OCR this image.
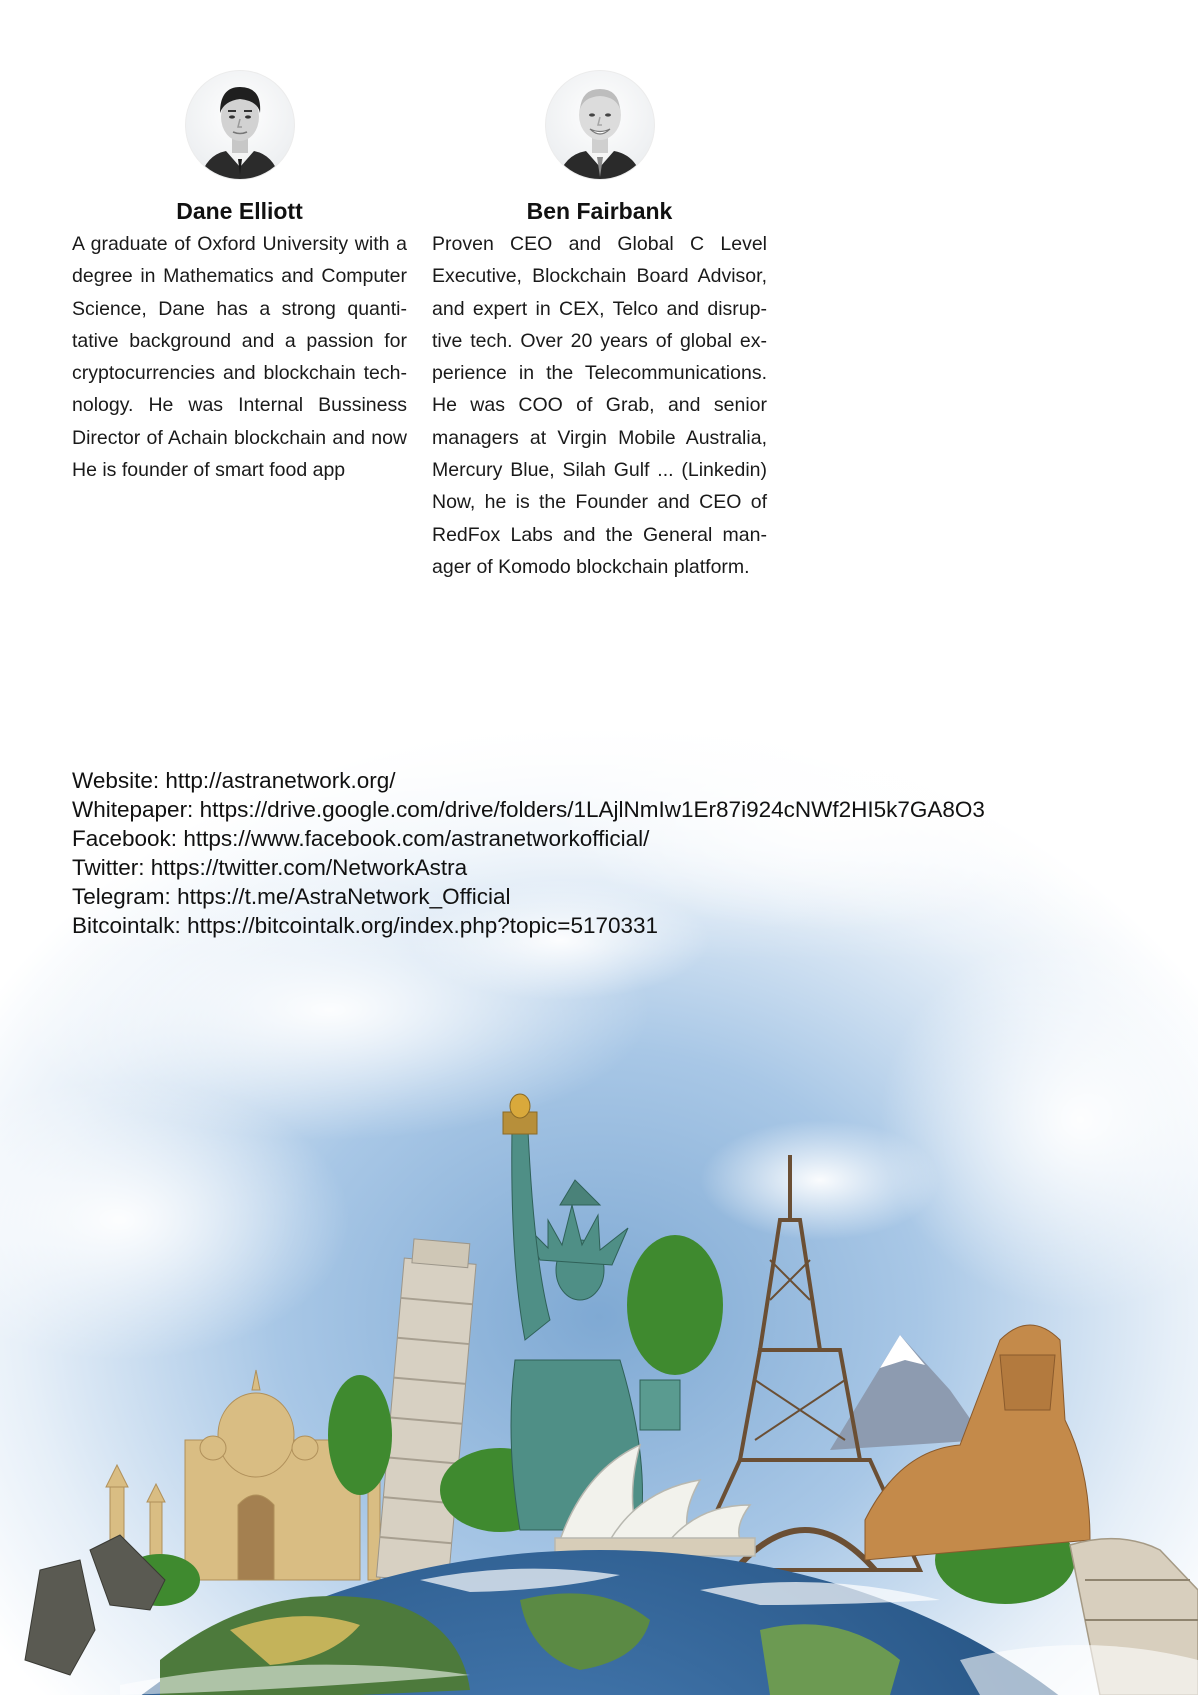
Dane Elliott
A graduate of Oxford University with a degree in Mathematics and Computer Science, Dane has a strong quanti-tative background and a passion for cryptocurrencies and blockchain tech-nology. He was Internal Bussiness Director of Achain blockchain and now He is founder of smart food app
Ben Fairbank
Proven CEO and Global C Level Executive, Blockchain Board Advisor, and expert in CEX, Telco and disrup-tive tech. Over 20 years of global ex-perience in the Telecommunications. He was COO of Grab, and senior managers at Virgin Mobile Australia, Mercury Blue, Silah Gulf ... (Linkedin) Now, he is the Founder and CEO of RedFox Labs and the General man-ager of Komodo blockchain platform.
Website: http://astranetwork.org/
Whitepaper: https://drive.google.com/drive/folders/1LAjlNmIw1Er87i924cNWf2HI5k7GA8O3
Facebook: https://www.facebook.com/astranetworkofficial/
Twitter: https://twitter.com/NetworkAstra
Telegram: https://t.me/AstraNetwork_Official
Bitcointalk: https://bitcointalk.org/index.php?topic=5170331
